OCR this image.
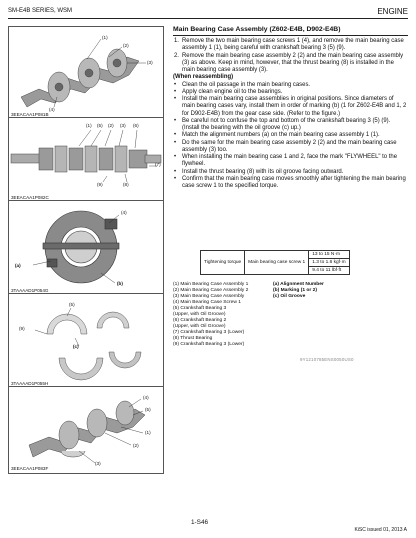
SM-E4B SERIES, WSM	ENGINE
(1)
(2)
(3)
(4)
3EEACAA1P081B
(1) (5) (2) (3) (6)
(7)
(9)	(8)
3EEACAA1P082C
(4)
(a)
(b)
3TAAAAD1P054G
(5)
(9)
(c)
3TAAAAD1P055H
(4)
(5)
(1)
(2)
(3)
3EEACAA1P083F
Main Bearing Case Assembly (Z602-E4B, D902-E4B)
1. Remove the two main bearing case screws 1 (4), and remove the main bearing case assembly 1 (1), being careful with crankshaft bearing 3 (5) (9).
2. Remove the main bearing case assembly 2 (2) and the main bearing case assembly (3) as above. Keep in mind, however, that the thrust bearing (8) is installed in the main bearing case assembly (3).
(When reassembling)
• Clean the oil passage in the main bearing cases.
• Apply clean engine oil to the bearings.
• Install the main bearing case assemblies in original positions. Since diameters of main bearing cases vary, install them in order of marking (b) (1 for Z602-E4B and 1, 2 for D902-E4B) from the gear case side. (Refer to the figure.)
• Be careful not to confuse the top and bottom of the crankshaft bearing 3 (5) (9). (Install the bearing with the oil groove (c) up.)
• Match the alignment numbers (a) on the main bearing case assembly 1 (1).
• Do the same for the main bearing case assembly 2 (2) and the main bearing case assembly (3) too.
• When installing the main bearing case 1 and 2, face the mark "FLYWHEEL" to the flywheel.
• Install the thrust bearing (8) with its oil groove facing outward.
• Confirm that the main bearing case moves smoothly after tightening the main bearing case screw 1 to the specified torque.
Tightening torque	Main bearing case screw 1	13 to 15 N·m
1.3 to 1.6 kgf·m
9.4 to 11 lbf·ft
(1) Main Bearing Case Assembly 1	(a) Alignment Number
(2) Main Bearing Case Assembly 2	(b) Marking (1 or 2)
(3) Main Bearing Case Assembly	(c) Oil Groove
(4) Main Bearing Case Screw 1
(5) Crankshaft Bearing 3
(Upper, with Oil Groove)
(6) Crankshaft Bearing 2
(Upper, with Oil Groove)
(7) Crankshaft Bearing 3 (Lower)
(8) Thrust Bearing
(9) Crankshaft Bearing 3 (Lower)
9Y1210785ENS0050US0
1-S46
KiSC issued 01, 2013 A
